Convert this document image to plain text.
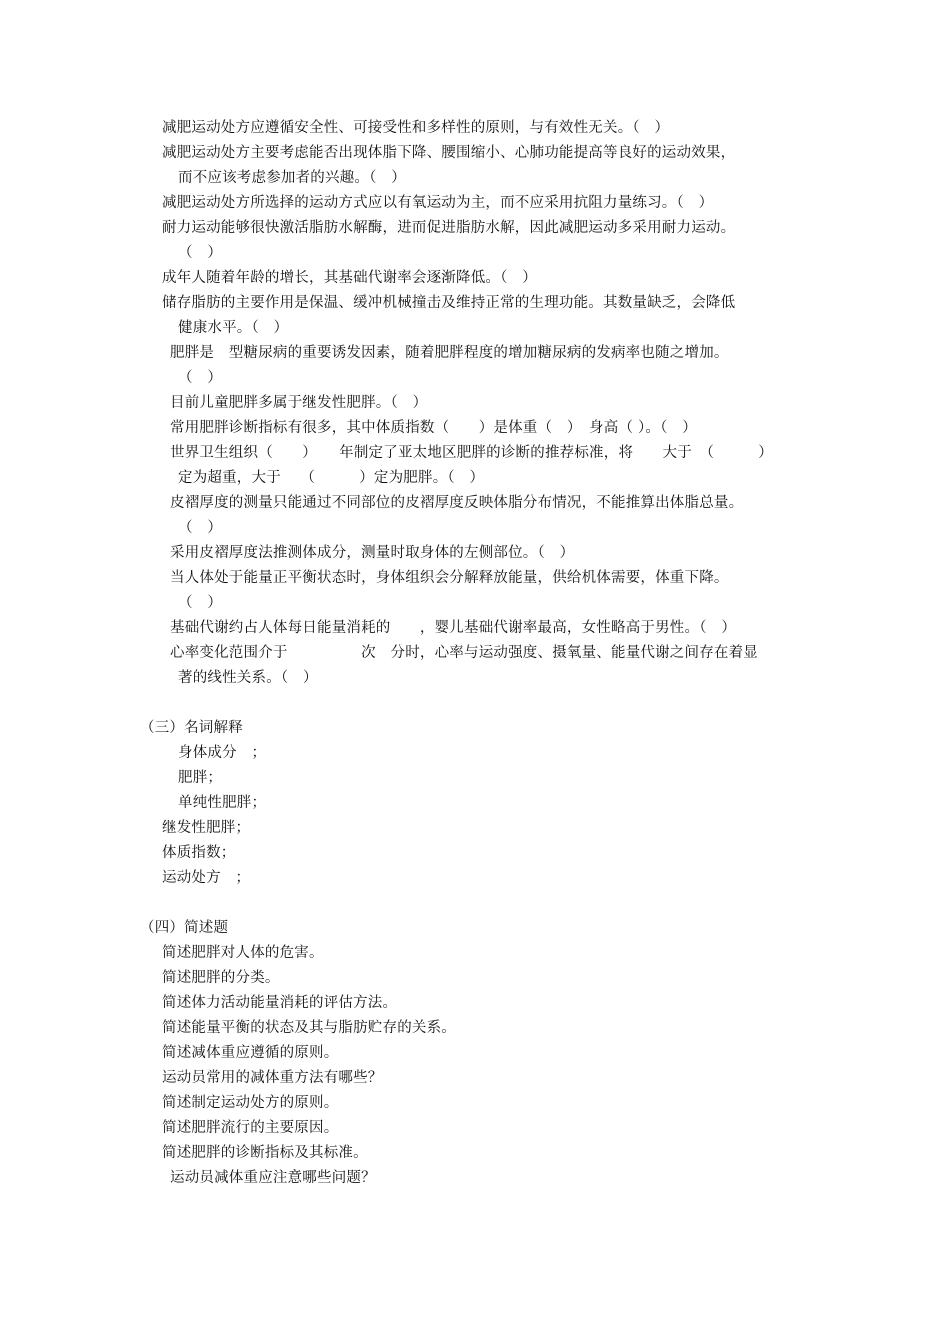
减肥运动处方应遵循安全性、可接受性和多样性的原则，与有效性无关。（　）
减肥运动处方主要考虑能否出现体脂下降、腰围缩小、心肺功能提高等良好的运动效果，
而不应该考虑参加者的兴趣。（　）
减肥运动处方所选择的运动方式应以有氧运动为主，而不应采用抗阻力量练习。（　）
耐力运动能够很快激活脂肪水解酶，进而促进脂肪水解，因此减肥运动多采用耐力运动。
（　）
成年人随着年龄的增长，其基础代谢率会逐渐降低。（　）
储存脂肪的主要作用是保温、缓冲机械撞击及维持正常的生理功能。其数量缺乏，会降低
健康水平。（　）
肥胖是　型糖尿病的重要诱发因素，随着肥胖程度的增加糖尿病的发病率也随之增加。
（　）
目前儿童肥胖多属于继发性肥胖。（　）
常用肥胖诊断指标有很多，其中体质指数（　　）是体重（　）　身高（ ）。（　）
世界卫生组织（　　）　　年制定了亚太地区肥胖的诊断的推荐标准，将　　大于　（　　　）
定为超重，大于　 （　　　）定为肥胖。（　）
皮褶厚度的测量只能通过不同部位的皮褶厚度反映体脂分布情况，不能推算出体脂总量。
（　）
采用皮褶厚度法推测体成分，测量时取身体的左侧部位。（　）
当人体处于能量正平衡状态时，身体组织会分解释放能量，供给机体需要，体重下降。
（　）
基础代谢约占人体每日能量消耗的　　，婴儿基础代谢率最高，女性略高于男性。（　）
心率变化范围介于　　　　　次　分时，心率与运动强度、摄氧量、能量代谢之间存在着显
著的线性关系。（　）
（三）名词解释
身体成分　；
肥胖；
单纯性肥胖；
继发性肥胖；
体质指数；
运动处方　；
（四）简述题
简述肥胖对人体的危害。
简述肥胖的分类。
简述体力活动能量消耗的评估方法。
简述能量平衡的状态及其与脂肪贮存的关系。
简述减体重应遵循的原则。
运动员常用的减体重方法有哪些？
简述制定运动处方的原则。
简述肥胖流行的主要原因。
简述肥胖的诊断指标及其标准。
运动员减体重应注意哪些问题？
